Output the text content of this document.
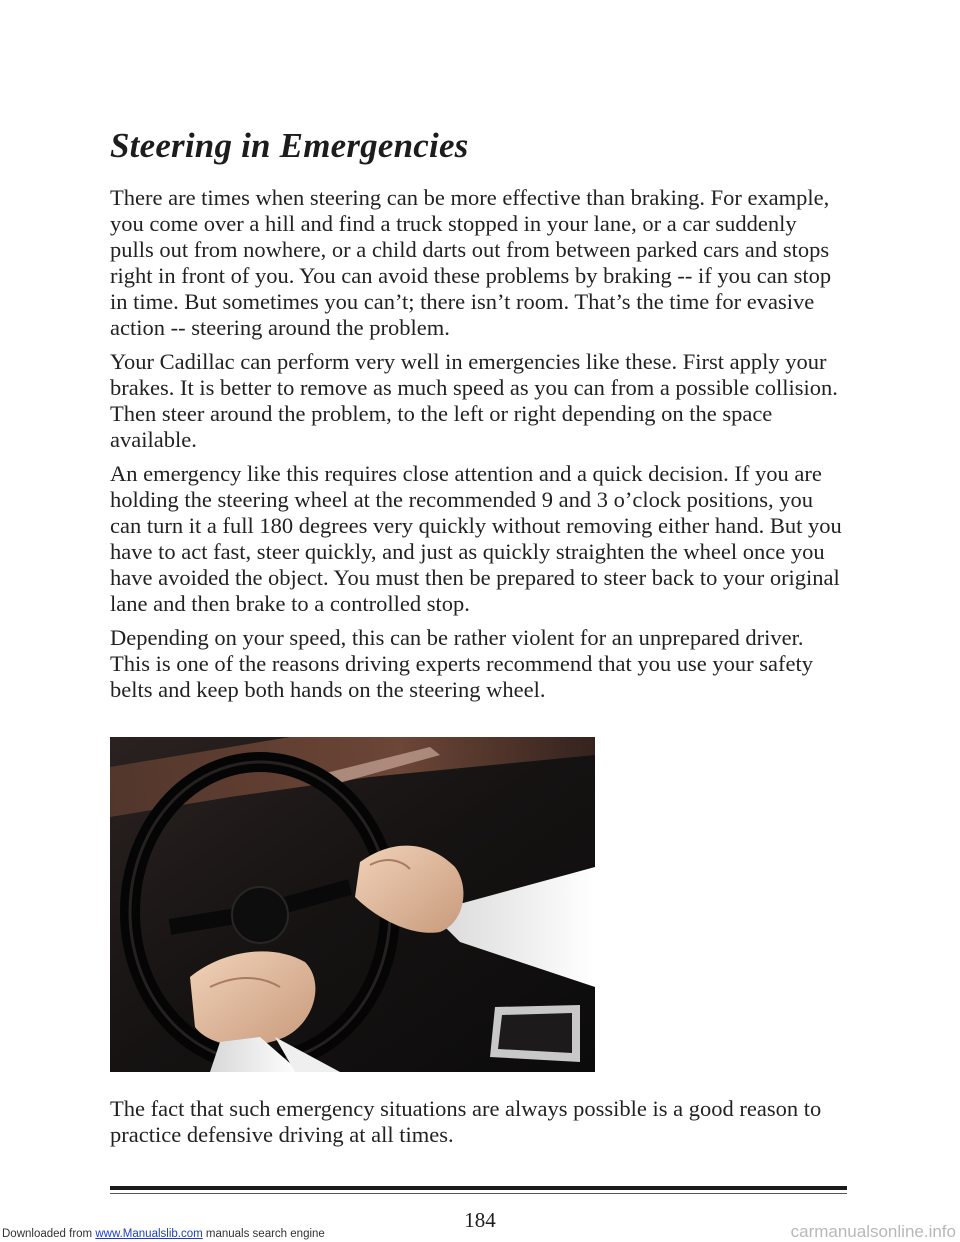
Steering in Emergencies

There are times when steering can be more effective than braking. For example, you come over a hill and find a truck stopped in your lane, or a car suddenly pulls out from nowhere, or a child darts out from between parked cars and stops right in front of you. You can avoid these problems by braking -- if you can stop in time. But sometimes you can’t; there isn’t room. That’s the time for evasive action -- steering around the problem.

Your Cadillac can perform very well in emergencies like these. First apply your brakes. It is better to remove as much speed as you can from a possible collision. Then steer around the problem, to the left or right depending on the space available.

An emergency like this requires close attention and a quick decision. If you are holding the steering wheel at the recommended 9 and 3 o’clock positions, you can turn it a full 180 degrees very quickly without removing either hand. But you have to act fast, steer quickly, and just as quickly straighten the wheel once you have avoided the object. You must then be prepared to steer back to your original lane and then brake to a controlled stop.

Depending on your speed, this can be rather violent for an unprepared driver. This is one of the reasons driving experts recommend that you use your safety belts and keep both hands on the steering wheel.

The fact that such emergency situations are always possible is a good reason to practice defensive driving at all times.

184
Downloaded from www.Manualslib.com manuals search engine	carmanualsonline.info
